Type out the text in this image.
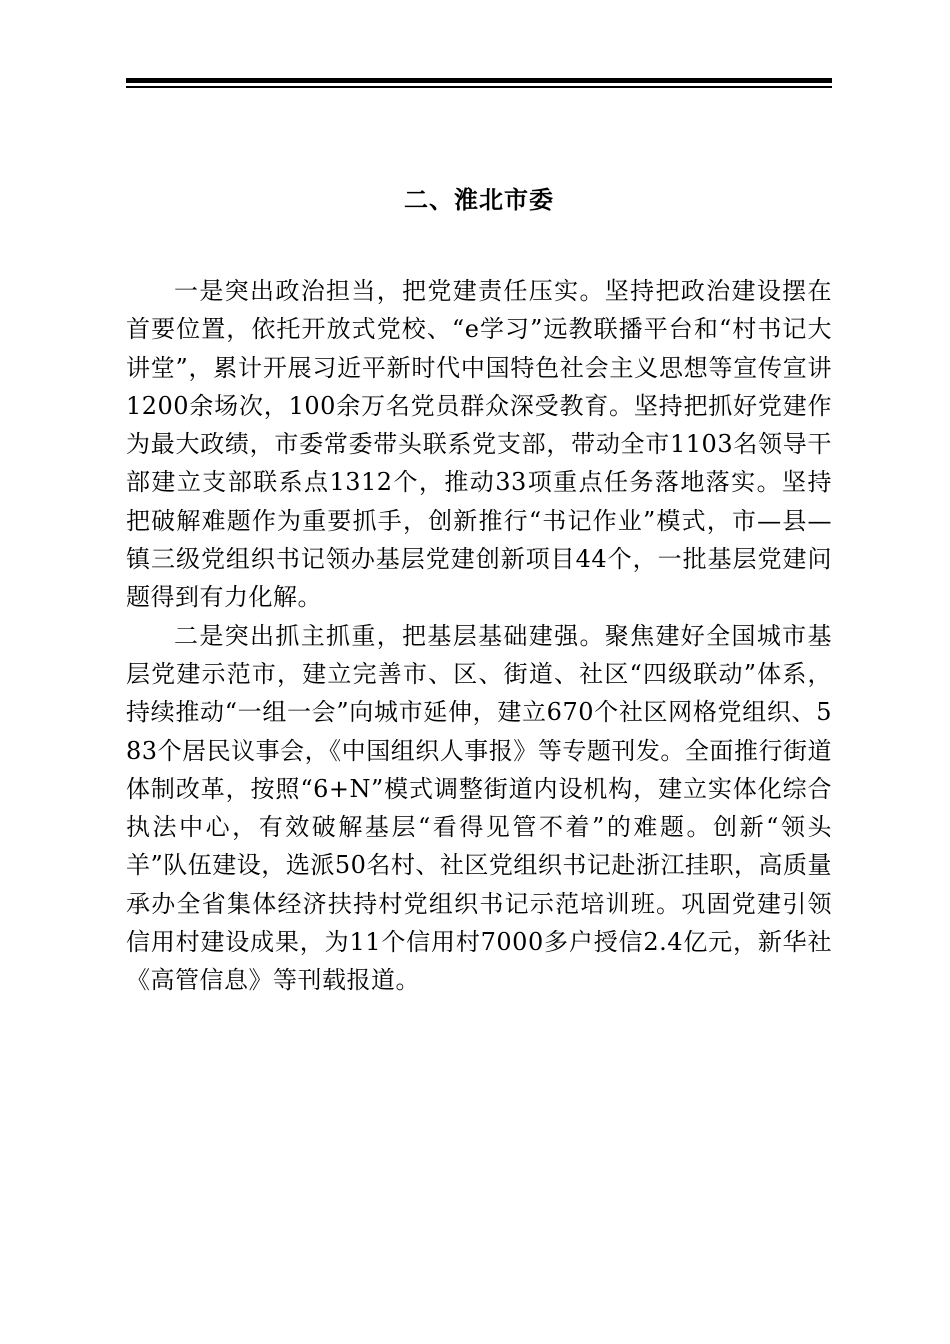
二、淮北市委

一是突出政治担当，把党建责任压实。坚持把政治建设摆在首要位置，依托开放式党校、“e学习”远教联播平台和“村书记大讲堂”，累计开展习近平新时代中国特色社会主义思想等宣传宣讲1200余场次，100余万名党员群众深受教育。坚持把抓好党建作为最大政绩，市委常委带头联系党支部，带动全市1103名领导干部建立支部联系点1312个，推动33项重点任务落地落实。坚持把破解难题作为重要抓手，创新推行“书记作业”模式，市—县—镇三级党组织书记领办基层党建创新项目44个，一批基层党建问题得到有力化解。

二是突出抓主抓重，把基层基础建强。聚焦建好全国城市基层党建示范市，建立完善市、区、街道、社区“四级联动”体系，持续推动“一组一会”向城市延伸，建立670个社区网格党组织、583个居民议事会，《中国组织人事报》等专题刊发。全面推行街道体制改革，按照“6+N”模式调整街道内设机构，建立实体化综合执法中心，有效破解基层“看得见管不着”的难题。创新“领头羊”队伍建设，选派50名村、社区党组织书记赴浙江挂职，高质量承办全省集体经济扶持村党组织书记示范培训班。巩固党建引领信用村建设成果，为11个信用村7000多户授信2.4亿元，新华社《高管信息》等刊载报道。
